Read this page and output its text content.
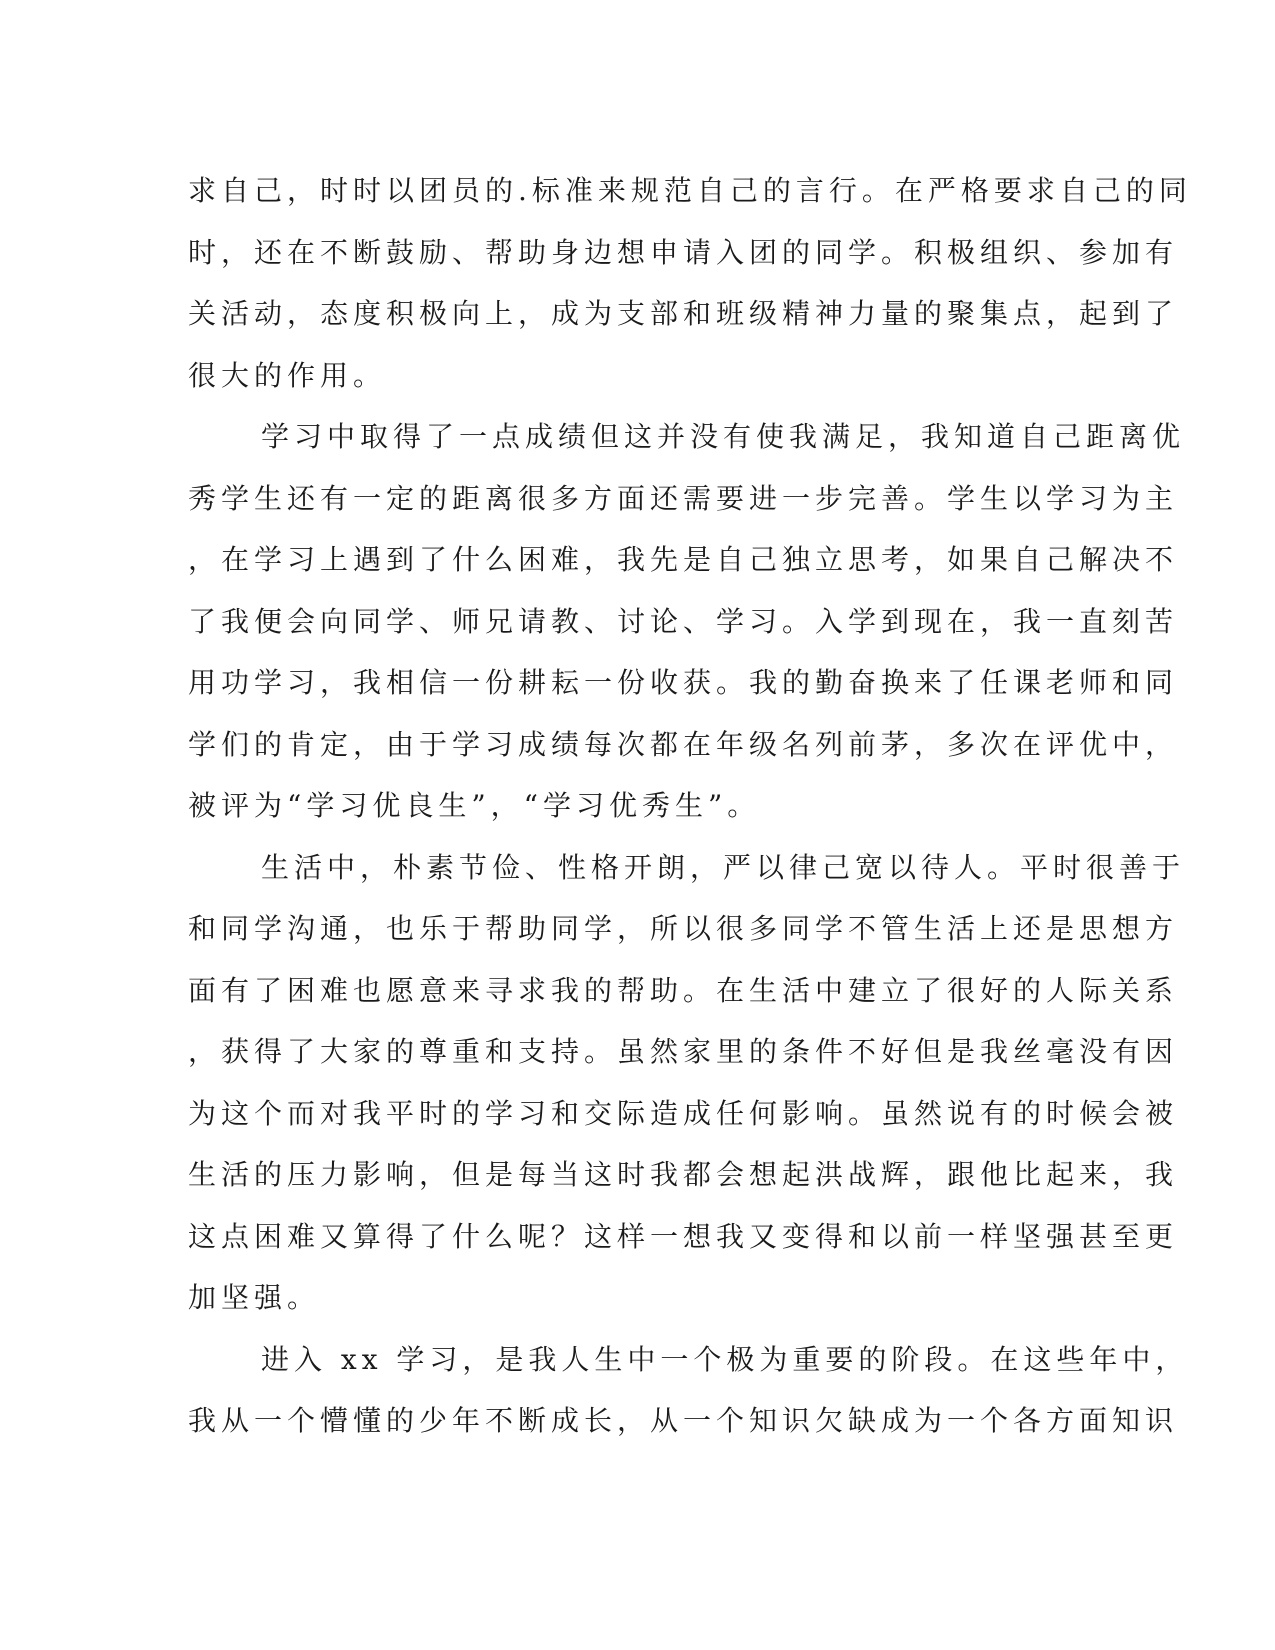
求自己，时时以团员的.标准来规范自己的言行。在严格要求自己的同
时，还在不断鼓励、帮助身边想申请入团的同学。积极组织、参加有
关活动，态度积极向上，成为支部和班级精神力量的聚集点，起到了
很大的作用。
学习中取得了一点成绩但这并没有使我满足，我知道自己距离优
秀学生还有一定的距离很多方面还需要进一步完善。学生以学习为主
，在学习上遇到了什么困难，我先是自己独立思考，如果自己解决不
了我便会向同学、师兄请教、讨论、学习。入学到现在，我一直刻苦
用功学习，我相信一份耕耘一份收获。我的勤奋换来了任课老师和同
学们的肯定，由于学习成绩每次都在年级名列前茅，多次在评优中，
被评为“学习优良生”，“学习优秀生”。
生活中，朴素节俭、性格开朗，严以律己宽以待人。平时很善于
和同学沟通，也乐于帮助同学，所以很多同学不管生活上还是思想方
面有了困难也愿意来寻求我的帮助。在生活中建立了很好的人际关系
，获得了大家的尊重和支持。虽然家里的条件不好但是我丝毫没有因
为这个而对我平时的学习和交际造成任何影响。虽然说有的时候会被
生活的压力影响，但是每当这时我都会想起洪战辉，跟他比起来，我
这点困难又算得了什么呢？这样一想我又变得和以前一样坚强甚至更
加坚强。
进入 xx 学习，是我人生中一个极为重要的阶段。在这些年中，
我从一个懵懂的少年不断成长，从一个知识欠缺成为一个各方面知识
